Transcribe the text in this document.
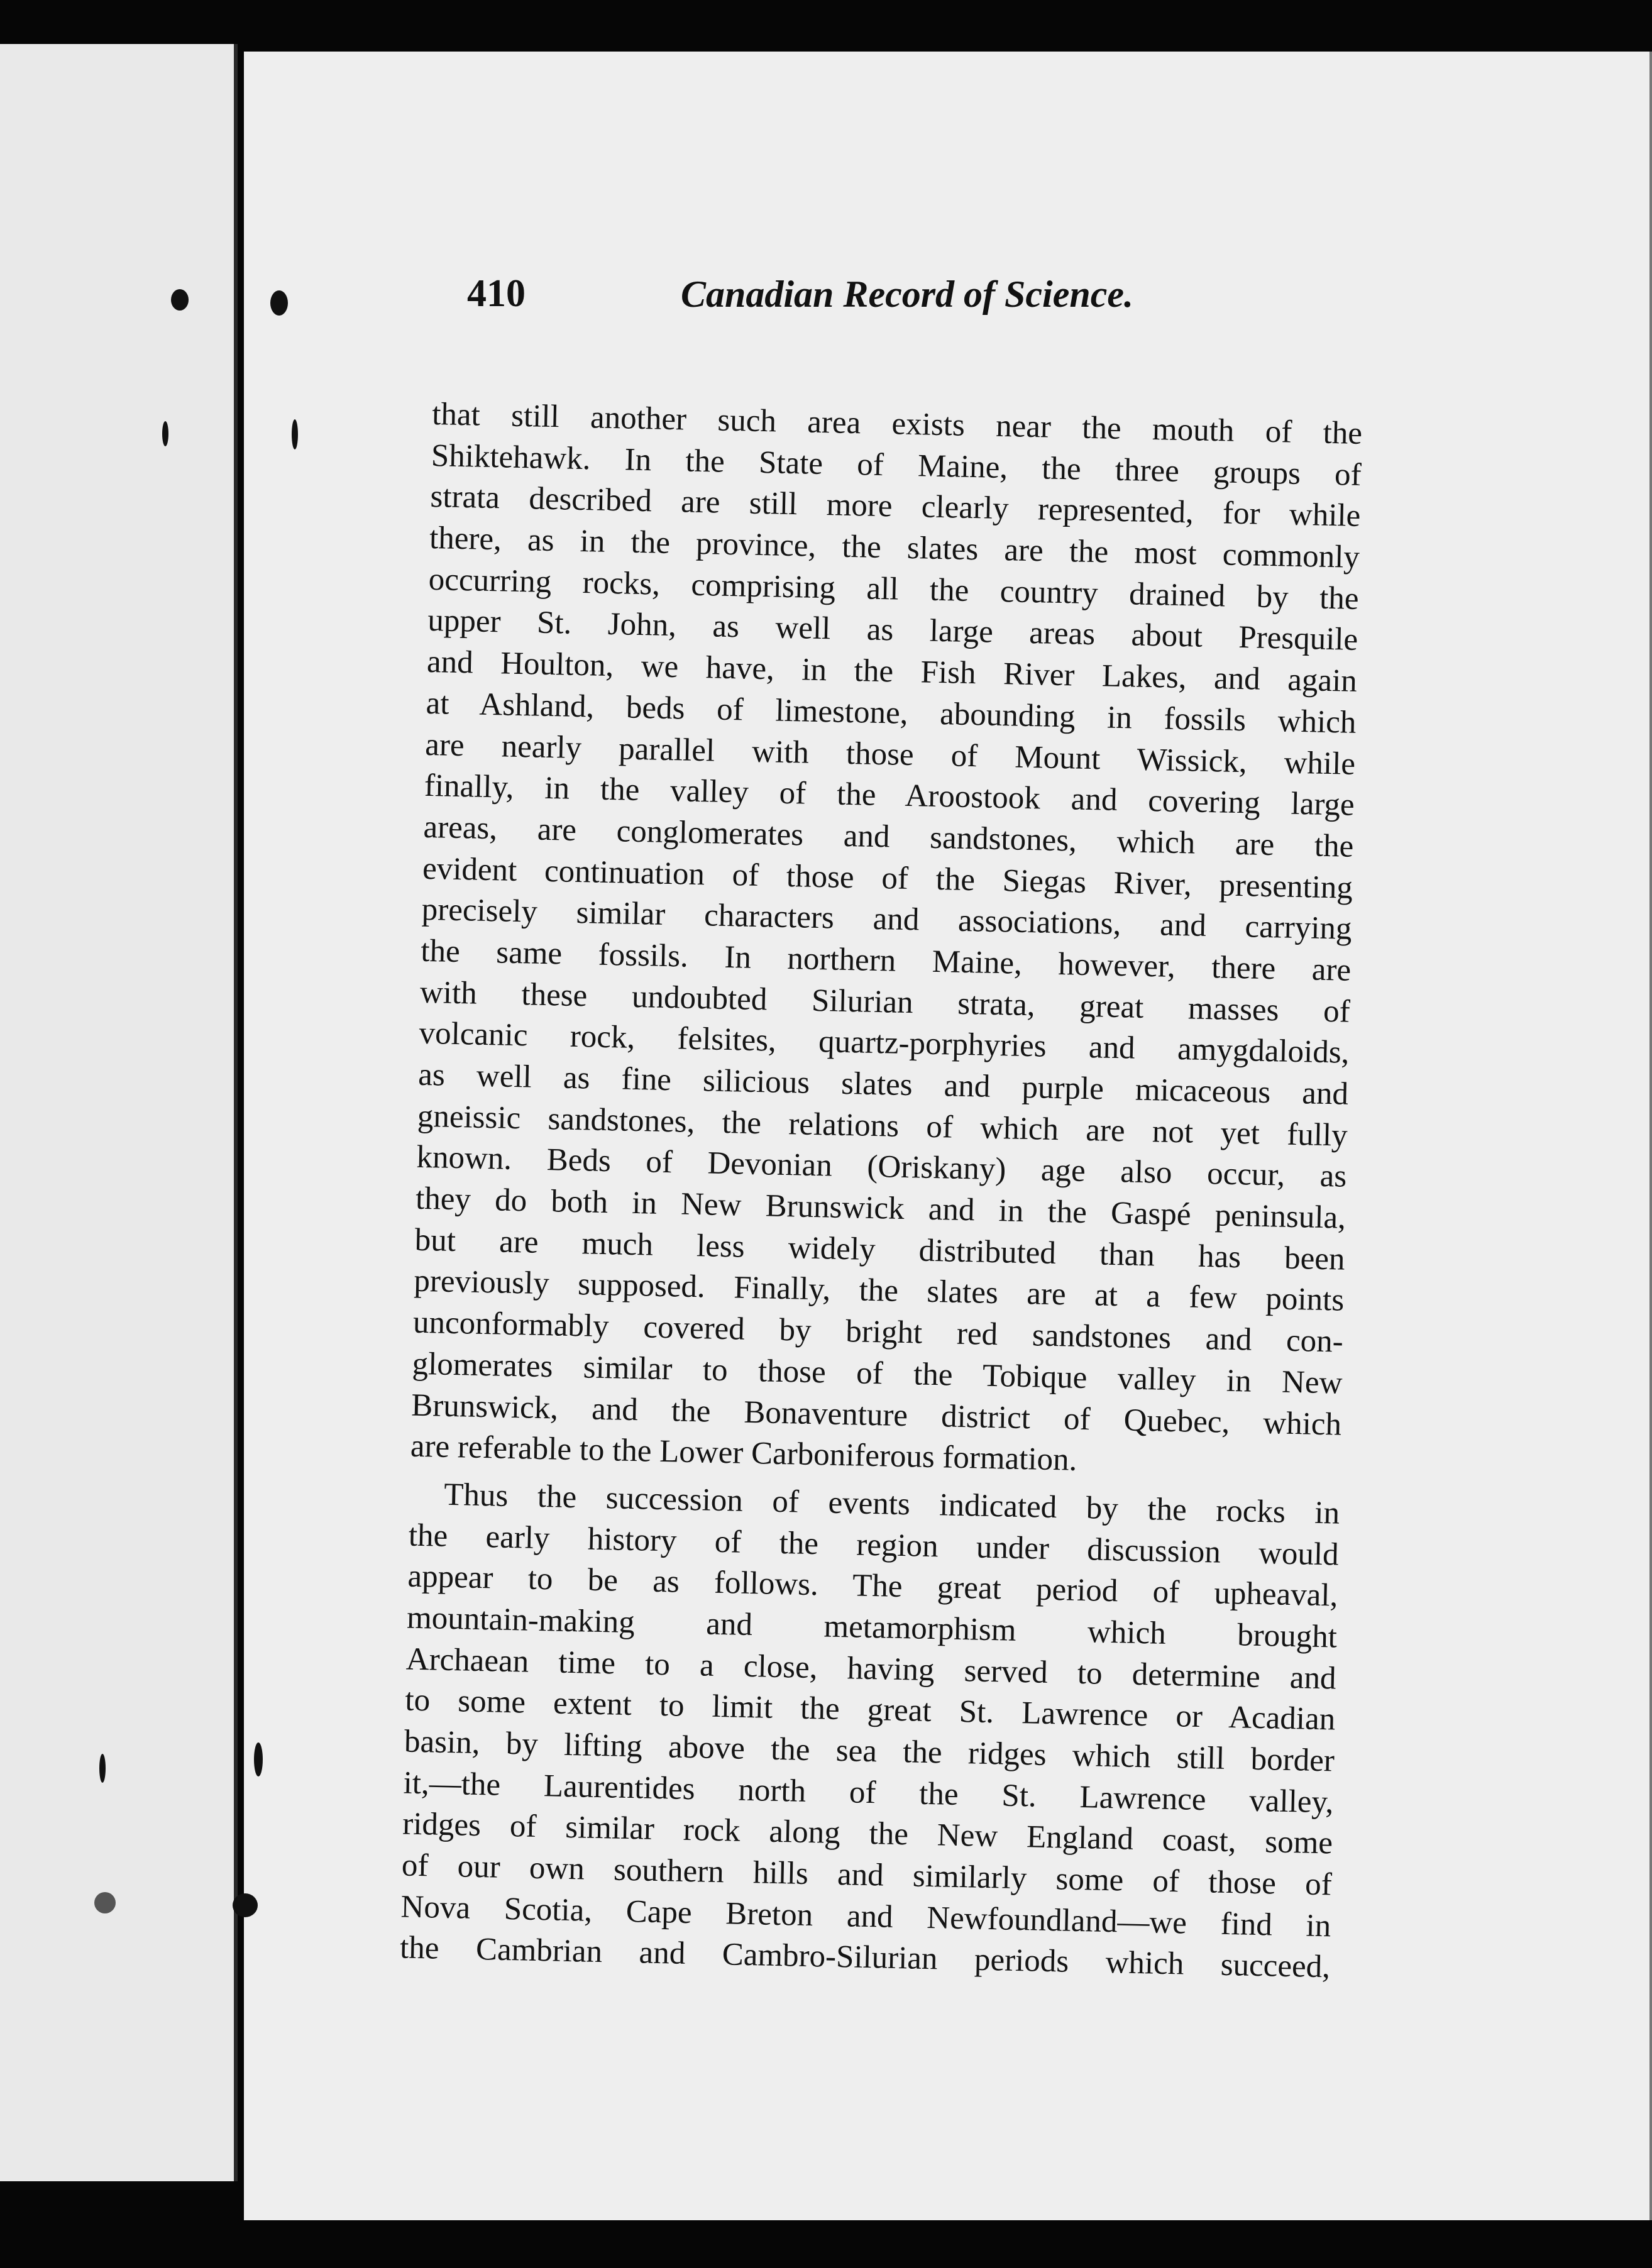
410	Canadian Record of Science.
that still another such area exists near the mouth of the
Shiktehawk. In the State of Maine, the three groups of
strata described are still more clearly represented, for while
there, as in the province, the slates are the most commonly
occurring rocks, comprising all the country drained by the
upper St. John, as well as large areas about Presquile
and Houlton, we have, in the Fish River Lakes, and again
at Ashland, beds of limestone, abounding in fossils which
are nearly parallel with those of Mount Wissick, while
finally, in the valley of the Aroostook and covering large
areas, are conglomerates and sandstones, which are the
evident continuation of those of the Siegas River, presenting
precisely similar characters and associations, and carrying
the same fossils. In northern Maine, however, there are
with these undoubted Silurian strata, great masses of
volcanic rock, felsites, quartz-porphyries and amygdaloids,
as well as fine silicious slates and purple micaceous and
gneissic sandstones, the relations of which are not yet fully
known. Beds of Devonian (Oriskany) age also occur, as
they do both in New Brunswick and in the Gaspé peninsula,
but are much less widely distributed than has been
previously supposed. Finally, the slates are at a few points
unconformably covered by bright red sandstones and con-
glomerates similar to those of the Tobique valley in New
Brunswick, and the Bonaventure district of Quebec, which
are referable to the Lower Carboniferous formation.
Thus the succession of events indicated by the rocks in
the early history of the region under discussion would
appear to be as follows. The great period of upheaval,
mountain-making and metamorphism which brought
Archaean time to a close, having served to determine and
to some extent to limit the great St. Lawrence or Acadian
basin, by lifting above the sea the ridges which still border
it,—the Laurentides north of the St. Lawrence valley,
ridges of similar rock along the New England coast, some
of our own southern hills and similarly some of those of
Nova Scotia, Cape Breton and Newfoundland—we find in
the Cambrian and Cambro-Silurian periods which succeed,
